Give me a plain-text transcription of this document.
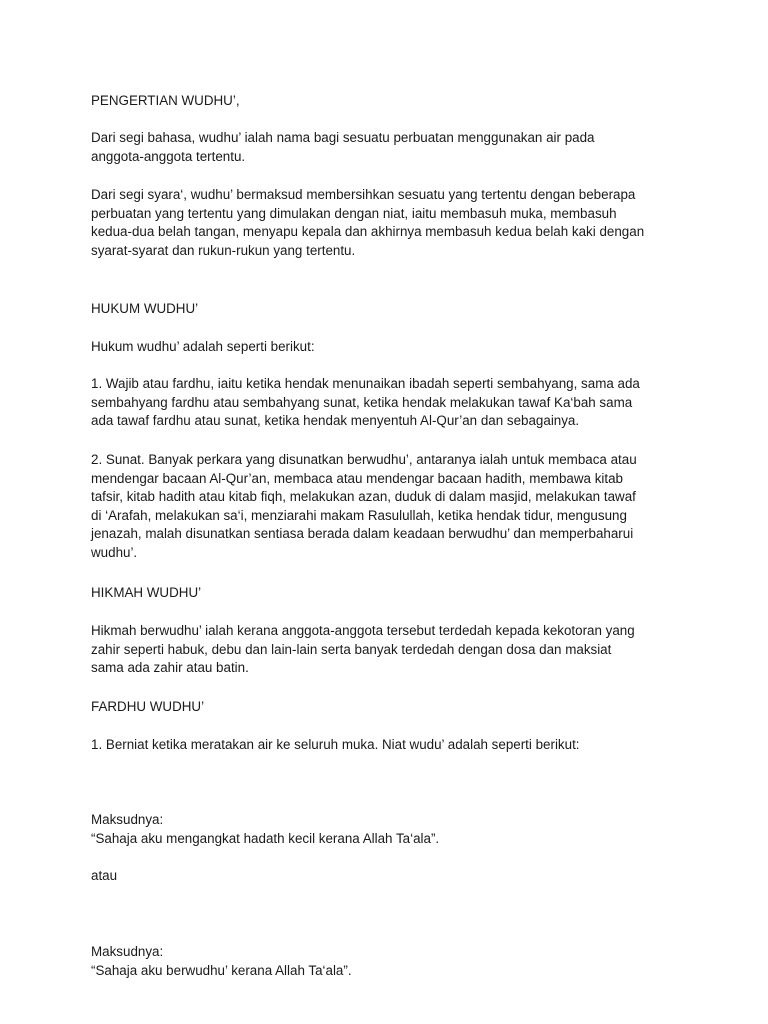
PENGERTIAN WUDHU’,

Dari segi bahasa, wudhu’ ialah nama bagi sesuatu perbuatan menggunakan air pada
anggota-anggota tertentu.

Dari segi syara‘, wudhu’ bermaksud membersihkan sesuatu yang tertentu dengan beberapa
perbuatan yang tertentu yang dimulakan dengan niat, iaitu membasuh muka, membasuh
kedua-dua belah tangan, menyapu kepala dan akhirnya membasuh kedua belah kaki dengan
syarat-syarat dan rukun-rukun yang tertentu.

HUKUM WUDHU’

Hukum wudhu’ adalah seperti berikut:

1. Wajib atau fardhu, iaitu ketika hendak menunaikan ibadah seperti sembahyang, sama ada
sembahyang fardhu atau sembahyang sunat, ketika hendak melakukan tawaf Ka‘bah sama
ada tawaf fardhu atau sunat, ketika hendak menyentuh Al-Qur’an dan sebagainya.

2. Sunat. Banyak perkara yang disunatkan berwudhu’, antaranya ialah untuk membaca atau
mendengar bacaan Al-Qur’an, membaca atau mendengar bacaan hadith, membawa kitab
tafsir, kitab hadith atau kitab fiqh, melakukan azan, duduk di dalam masjid, melakukan tawaf
di ‘Arafah, melakukan sa‘i, menziarahi makam Rasulullah, ketika hendak tidur, mengusung
jenazah, malah disunatkan sentiasa berada dalam keadaan berwudhu’ dan memperbaharui
wudhu’.

HIKMAH WUDHU’

Hikmah berwudhu’ ialah kerana anggota-anggota tersebut terdedah kepada kekotoran yang
zahir seperti habuk, debu dan lain-lain serta banyak terdedah dengan dosa dan maksiat
sama ada zahir atau batin.

FARDHU WUDHU’

1. Berniat ketika meratakan air ke seluruh muka. Niat wudu’ adalah seperti berikut:

Maksudnya:

“Sahaja aku mengangkat hadath kecil kerana Allah Ta‘ala”.

atau

Maksudnya:

“Sahaja aku berwudhu’ kerana Allah Ta‘ala”.
